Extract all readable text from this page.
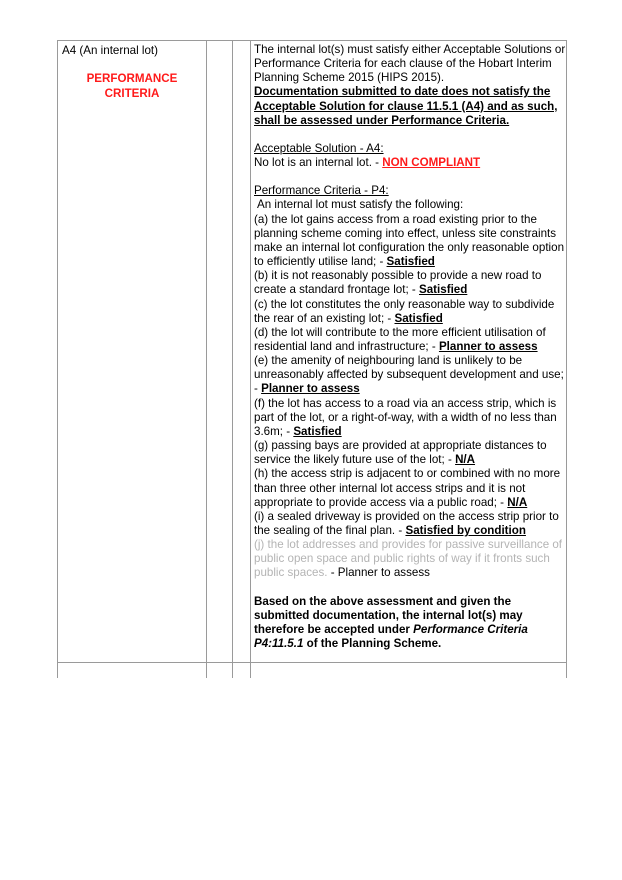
A4 (An internal lot)
PERFORMANCE CRITERIA

The internal lot(s) must satisfy either Acceptable Solutions or Performance Criteria for each clause of the Hobart Interim Planning Scheme 2015 (HIPS 2015).

Documentation submitted to date does not satisfy the Acceptable Solution for clause 11.5.1 (A4) and as such, shall be assessed under Performance Criteria.

Acceptable Solution - A4:

No lot is an internal lot. - NON COMPLIANT

Performance Criteria - P4:

An internal lot must satisfy the following:

(a) the lot gains access from a road existing prior to the planning scheme coming into effect, unless site constraints make an internal lot configuration the only reasonable option to efficiently utilise land; - Satisfied

(b) it is not reasonably possible to provide a new road to create a standard frontage lot; - Satisfied

(c) the lot constitutes the only reasonable way to subdivide the rear of an existing lot; - Satisfied

(d) the lot will contribute to the more efficient utilisation of residential land and infrastructure; - Planner to assess

(e) the amenity of neighbouring land is unlikely to be unreasonably affected by subsequent development and use; - Planner to assess

(f) the lot has access to a road via an access strip, which is part of the lot, or a right-of-way, with a width of no less than 3.6m; - Satisfied

(g) passing bays are provided at appropriate distances to service the likely future use of the lot; - N/A

(h) the access strip is adjacent to or combined with no more than three other internal lot access strips and it is not appropriate to provide access via a public road; - N/A

(i) a sealed driveway is provided on the access strip prior to the sealing of the final plan. - Satisfied by condition

(j) the lot addresses and provides for passive surveillance of public open space and public rights of way if it fronts such public spaces. - Planner to assess

Based on the above assessment and given the submitted documentation, the internal lot(s) may therefore be accepted under Performance Criteria P4:11.5.1 of the Planning Scheme.
